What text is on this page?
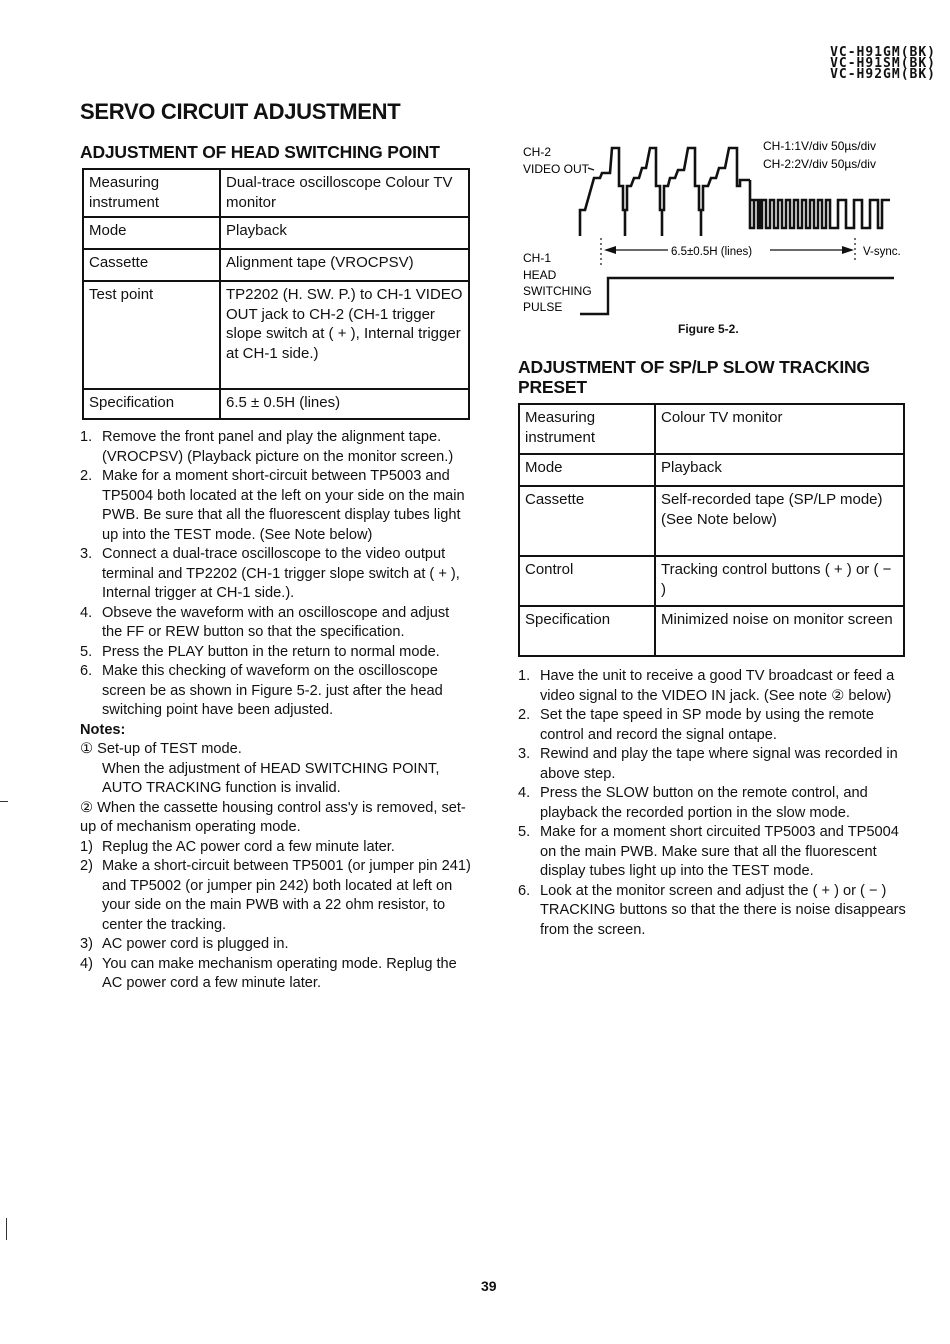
VC-H91GM(BK)
VC-H91SM(BK)
VC-H92GM(BK)
SERVO CIRCUIT ADJUSTMENT
ADJUSTMENT OF HEAD SWITCHING POINT
Measuring instrument	Dual-trace oscilloscope Colour TV monitor
Mode	Playback
Cassette	Alignment tape (VROCPSV)
Test point	TP2202 (H. SW. P.) to CH-1 VIDEO OUT jack to CH-2 (CH-1 trigger slope switch at ( + ), Internal trigger at CH-1 side.)
Specification	6.5 ± 0.5H (lines)
1. Remove the front panel and play the alignment tape. (VROCPSV) (Playback picture on the monitor screen.)
2. Make for a moment short-circuit between TP5003 and TP5004 both located at the left on your side on the main PWB. Be sure that all the fluorescent display tubes light up into the TEST mode. (See Note below)
3. Connect a dual-trace oscilloscope to the video output terminal and TP2202 (CH-1 trigger slope switch at ( + ), Internal trigger at CH-1 side.).
4. Obseve the waveform with an oscilloscope and adjust the FF or REW button so that the specification.
5. Press the PLAY button in the return to normal mode.
6. Make this checking of waveform on the oscilloscope screen be as shown in Figure 5-2. just after the head switching point have been adjusted.
Notes:
① Set-up of TEST mode.
When the adjustment of HEAD SWITCHING POINT, AUTO TRACKING function is invalid.
② When the cassette housing control ass'y is removed, set-up of mechanism operating mode.
1) Replug the AC power cord a few minute later.
2) Make a short-circuit between TP5001 (or jumper pin 241) and TP5002 (or jumper pin 242) both located at left on your side on the main PWB with a 22 ohm resistor, to center the tracking.
3) AC power cord is plugged in.
4) You can make mechanism operating mode. Replug the AC power cord a few minute later.
CH-2
VIDEO OUT
CH-1:1V/div 50µs/div
CH-2:2V/div 50µs/div
6.5±0.5H (lines)	V-sync.
CH-1
HEAD
SWITCHING
PULSE
Figure 5-2.
ADJUSTMENT OF SP/LP SLOW TRACKING
PRESET
Measuring instrument	Colour TV monitor
Mode	Playback
Cassette	Self-recorded tape (SP/LP mode) (See Note below)
Control	Tracking control buttons ( + ) or ( − )
Specification	Minimized noise on monitor screen
1. Have the unit to receive a good TV broadcast or feed a video signal to the VIDEO IN jack. (See note ② below)
2. Set the tape speed in SP mode by using the remote control and record the signal ontape.
3. Rewind and play the tape where signal was recorded in above step.
4. Press the SLOW button on the remote control, and playback the recorded portion in the slow mode.
5. Make for a moment short circuited TP5003 and TP5004 on the main PWB. Make sure that all the fluorescent display tubes light up into the TEST mode.
6. Look at the monitor screen and adjust the ( + ) or ( − ) TRACKING buttons so that the there is noise disappears from the screen.
39
